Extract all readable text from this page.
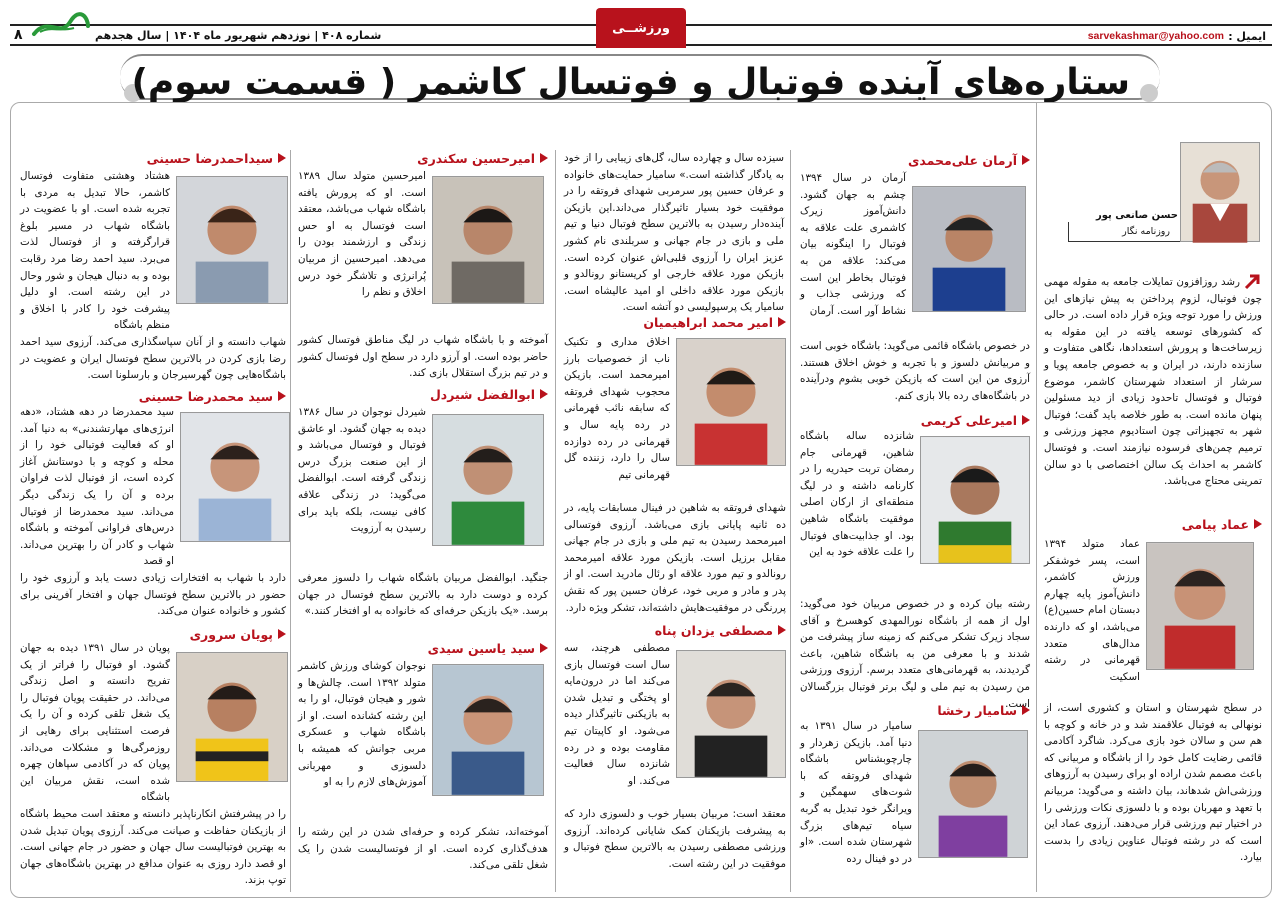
ایمیل :
sarvekashmar@yahoo.com
ورزشــی
شماره ۴۰۸ | نوزدهم شهریور ماه ۱۴۰۴ | سال هجدهم
۸
ستاره‌های آینده فوتبال و فوتسال کاشمر ( قسمت سوم)
حسن صانعی پور
روزنامه نگار
رشد روزافزون تمایلات جامعه به مقوله مهمی چون فوتبال، لزوم پرداختن به پیش نیازهای این ورزش را مورد توجه ویژه قرار داده است. در حالی که کشورهای توسعه یافته در این مقوله به زیرساخت‌ها و پرورش استعدادها، نگاهی متفاوت و سازنده دارند، در ایران و به خصوص جامعه پویا و سرشار از استعداد شهرستان کاشمر، موضوع فوتبال و فوتسال تاحدود زیادی از دید مسئولین پنهان مانده است. به طور خلاصه باید گفت؛ فوتبال شهر به تجهیزاتی چون استادیوم مجهز ورزشی و ترمیم چمن‌های فرسوده نیازمند است. و فوتسال کاشمر به احداث یک سالن اختصاصی با دو سالن تمرینی محتاج می‌باشد.
عماد پیامی
عماد متولد ۱۳۹۴ است، پسر خوشفکر ورزش کاشمر، دانش‌آموز پایه چهارم دبستان امام حسین(ع) می‌باشد، او که دارنده مدال‌های متعدد قهرمانی در رشته اسکیت
در سطح شهرستان و استان و کشوری است، از نونهالی به فوتبال علاقمند شد و در خانه و کوچه با هم سن و سالان خود بازی می‌کرد. شاگرد آکادمی قائمی رضایت کامل خود را از باشگاه و مربیانی که باعث مصمم شدن اراده او برای رسیدن به آرزوهای ورزشی‌اش شدهاند، بیان داشته و می‌گوید: مربیانم با تعهد و مهربان بوده و با دلسوزی نکات ورزشی را در اختیار تیم ورزشی قرار می‌دهند. آرزوی عماد این است که در رشته فوتبال عناوین زیادی را بدست بیارد.
آرمان علی‌محمدی
آرمان در سال ۱۳۹۴ چشم به جهان گشود. دانش‌آموز زیرک کاشمری علت علاقه به فوتبال را اینگونه بیان می‌کند: علاقه من به فوتبال بخاطر این است که ورزشی جذاب و نشاط آور است. آرمان
در خصوص باشگاه قائمی می‌گوید: باشگاه خوبی است و مربیانش دلسوز و با تجربه و خوش اخلاق هستند. آرزوی من این است که بازیکن خوبی بشوم ودرآینده در باشگاه‌های رده بالا بازی کنم.
امیرعلی کریمی
شانزده ساله باشگاه شاهین، قهرمانی جام رمضان تربت حیدریه را در کارنامه داشته و در لیگ منطقه‌ای از ارکان اصلی موفقیت باشگاه شاهین بود. او جذابیت‌های فوتبال را علت علاقه خود به این
رشته بیان کرده و در خصوص مربیان خود می‌گوید: اول از همه از باشگاه نورالمهدی کوهسرخ و آقای سجاد زیرک تشکر می‌کنم که زمینه ساز پیشرفت من شدند و با معرفی من به باشگاه شاهین، باعث گردیدند، به قهرمانی‌های متعدد برسم. آرزوی ورزشی من رسیدن به تیم ملی و لیگ برتر فوتبال بزرگسالان است.
سامیار رخشا
سامیار در سال ۱۳۹۱ به دنیا آمد. بازیکن زهردار و چارچوبشناس باشگاه شهدای فروتقه که با شوت‌های سهمگین و ویرانگر خود تبدیل به گربه سیاه تیم‌های بزرگ شهرستان شده است. «او در دو فینال رده
سیزده سال و چهارده سال، گل‌های زیبایی را از خود به یادگار گذاشته است.» سامیار حمایت‌های خانواده و عرفان حسین پور سرمربی شهدای فروتقه را در موفقیت خود بسیار تاثیرگذار می‌داند.این بازیکن آینده‌دار رسیدن به بالاترین سطح فوتبال دنیا و تیم ملی و بازی در جام جهانی و سربلندی نام کشور عزیز ایران را آرزوی قلبی‌اش عنوان کرده است. بازیکن مورد علاقه خارجی او کریستانو رونالدو و بازیکن مورد علاقه داخلی او امید عالیشاه است. سامیار یک پرسپولیسی دو آتشه است.
امیر محمد ابراهیمیان
اخلاق مداری و تکنیک ناب از خصوصیات بارز امیرمحمد است. بازیکن محجوب شهدای فروتقه که سابقه نائب قهرمانی در رده پایه سال و قهرمانی در رده دوازده سال را دارد، زننده گل قهرمانی تیم
شهدای فروتقه به شاهین در فینال مسابقات پایه، در ده ثانیه پایانی بازی می‌باشد. آرزوی فوتسالی امیرمحمد رسیدن به تیم ملی و بازی در جام جهانی مقابل برزیل است. بازیکن مورد علاقه امیرمحمد رونالدو و تیم مورد علاقه او رئال مادرید است. او از پدر و مادر و مربی خود، عرفان حسین پور که نقش پررنگی در موفقیت‌هایش داشته‌اند، تشکر ویژه دارد.
مصطفی یزدان پناه
مصطفی هرچند، سه سال است فوتسال بازی می‌کند اما در درون‌مایه او پختگی و تبدیل شدن به بازیکنی تاثیرگذار دیده می‌شود. او کاپیتان تیم مقاومت بوده و در رده شانزده سال فعالیت می‌کند. او
معتقد است: مربیان بسیار خوب و دلسوزی دارد که به پیشرفت بازیکنان کمک شایانی کرده‌اند. آرزوی ورزشی مصطفی رسیدن به بالاترین سطح فوتبال و موفقیت در این رشته است.
امیرحسین سکندری
امیرحسین متولد سال ۱۳۸۹ است. او که پرورش یافته باشگاه شهاب می‌باشد، معتقد است فوتسال به او حس زندگی و ارزشمند بودن را می‌دهد. امیرحسین از مربیان پُرانرژی و تلاشگر خود درس اخلاق و نظم را
آموخته و با باشگاه شهاب در لیگ مناطق فوتسال کشور حاضر بوده است. او آرزو دارد در سطح اول فوتسال کشور و در تیم بزرگ استقلال بازی کند.
ابوالفضل شیردل
شیردل نوجوان در سال ۱۳۸۶ دیده به جهان گشود. او عاشق فوتبال و فوتسال می‌باشد و از این صنعت بزرگ درس زندگی گرفته است. ابوالفضل می‌گوید: در زندگی علاقه کافی نیست، بلکه باید برای رسیدن به آرزویت
جنگید. ابوالفضل مربیان باشگاه شهاب را دلسوز معرفی کرده و دوست دارد به بالاترین سطح فوتسال در جهان برسد. «یک بازیکن حرفه‌ای که خانواده به او افتخار کنند.»
سید یاسین سیدی
نوجوان کوشای ورزش کاشمر متولد ۱۳۹۲ است. چالش‌ها و شور و هیجان فوتبال، او را به این رشته کشانده است. او از باشگاه شهاب و عسکری مربی جوانش که همیشه با دلسوزی و مهربانی آموزش‌های لازم را به او
آموخته‌اند، تشکر کرده و حرفه‌ای شدن در این رشته را هدف‌گذاری کرده است. او از فوتسالیست شدن را یک شغل تلقی می‌کند.
سیداحمدرضا حسینی
هشتاد وهشتی متفاوت فوتسال کاشمر، حالا تبدیل به مردی با تجربه شده است. او با عضویت در باشگاه شهاب در مسیر بلوغ قرارگرفته و از فوتسال لذت می‌برد. سید احمد رضا مرد رقابت بوده و به دنبال هیجان و شور وحال در این رشته است. او دلیل پیشرفت خود را کادر با اخلاق و منظم باشگاه
شهاب دانسته و از آنان سپاسگذاری می‌کند. آرزوی سید احمد رضا بازی کردن در بالاترین سطح فوتسال ایران و عضویت در باشگاه‌هایی چون گهرسیرجان و بارسلونا است.
سید محمدرضا حسینی
سید محمدرضا در دهه هشتاد، «دهه انرژی‌های مهارتشندنی» به دنیا آمد. او که فعالیت فوتبالی خود را از محله و کوچه و با دوستانش آغاز کرده است، از فوتبال لذت فراوان برده و آن را یک زندگی دیگر می‌داند. سید محمدرضا از فوتبال درس‌های فراوانی آموخته و باشگاه شهاب و کادر آن را بهترین می‌داند. او قصد
دارد با شهاب به افتخارات زیادی دست یابد و آرزوی خود را حضور در بالاترین سطح فوتسال جهان و افتخار آفرینی برای کشور و خانواده عنوان می‌کند.
پویان سروری
پویان در سال ۱۳۹۱ دیده به جهان گشود. او فوتبال را فراتر از یک تفریح دانسته و اصل زندگی می‌داند. در حقیقت پویان فوتبال را یک شغل تلقی کرده و آن را یک فرصت استثنایی برای رهایی از روزمرگی‌ها و مشکلات می‌داند. پویان که در آکادمی سپاهان چهره شده است، نقش مربیان این باشگاه
را در پیشرفتش انکارناپذیر دانسته و معتقد است محیط باشگاه از بازیکنان حفاظت و صیانت می‌کند. آرزوی پویان تبدیل شدن به بهترین فوتبالیست سال جهان و حضور در جام جهانی است. او قصد دارد روزی به عنوان مدافع در بهترین باشگاه‌های جهان توپ بزند.
